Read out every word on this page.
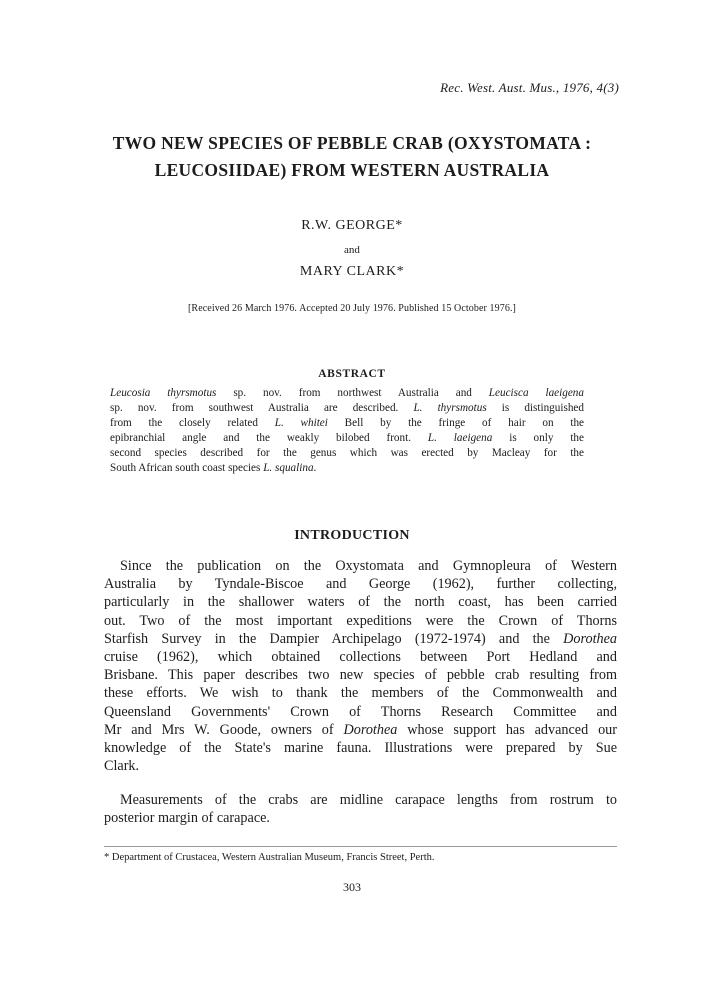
Rec. West. Aust. Mus., 1976, 4(3)
TWO NEW SPECIES OF PEBBLE CRAB (OXYSTOMATA :
LEUCOSIIDAE) FROM WESTERN AUSTRALIA
R.W. GEORGE*
and
MARY CLARK*
[Received 26 March 1976. Accepted 20 July 1976. Published 15 October 1976.]
ABSTRACT
Leucosia thyrsmotus sp. nov. from northwest Australia and Leucisca laeigena
sp. nov. from southwest Australia are described. L. thyrsmotus is distinguished
from the closely related L. whitei Bell by the fringe of hair on the
epibranchial angle and the weakly bilobed front. L. laeigena is only the
second species described for the genus which was erected by Macleay for the
South African south coast species L. squalina.
INTRODUCTION
Since the publication on the Oxystomata and Gymnopleura of Western
Australia by Tyndale-Biscoe and George (1962), further collecting,
particularly in the shallower waters of the north coast, has been carried
out. Two of the most important expeditions were the Crown of Thorns
Starfish Survey in the Dampier Archipelago (1972-1974) and the Dorothea
cruise (1962), which obtained collections between Port Hedland and
Brisbane. This paper describes two new species of pebble crab resulting from
these efforts. We wish to thank the members of the Commonwealth and
Queensland Governments' Crown of Thorns Research Committee and
Mr and Mrs W. Goode, owners of Dorothea whose support has advanced our
knowledge of the State's marine fauna. Illustrations were prepared by Sue
Clark.
Measurements of the crabs are midline carapace lengths from rostrum to
posterior margin of carapace.
* Department of Crustacea, Western Australian Museum, Francis Street, Perth.
303
